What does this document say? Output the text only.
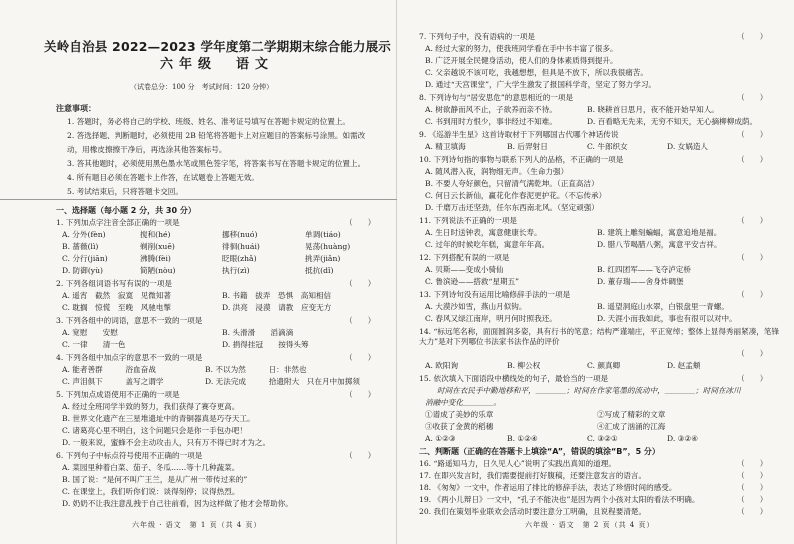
关岭自治县 2022—2023 学年度第二学期期末综合能力展示
六年级　语文
（试卷总分：100 分　考试时间：120 分钟）
注意事项：
1. 答题时，务必将自己的学校、班级、姓名、准考证号填写在答题卡规定的位置上。
2. 答选择题、判断题时，必须使用 2B 铅笔将答题卡上对应题目的答案标号涂黑。如需改
动，用橡皮擦擦干净后，再选涂其他答案标号。
3. 答其他题时，必须使用黑色墨水笔或黑色签字笔，将答案书写在答题卡规定的位置上。
4. 所有题目必须在答题卡上作答，在试题卷上答题无效。
5. 考试结束后，只将答题卡交回。
一、选择题（每小题 2 分，共 30 分）
1. 下列加点字注音全部正确的一项是	（　　）
A. 分外(fèn)	搅和(hé)	挪移(nuó)	单调(tiáo)
B. 蔷薇(lì)	剃削(xuē)	徘徊(huái)	晃荡(huàng)
C. 分行(jiān)	沸腾(fèi)	眨眼(zhǎ)	挑弄(jiǎn)
D. 防御(yù)	简陋(nòu)	执行(zì)	抵抗(dǐ)
2. 下列各组词语书写有误的一项是	（　　）
A. 遥宵　截然　寂寞　见微知著	B. 书籍　拔弄　恐惧　高知相信
C. 耽搁　惊慌　至晚　风驰电掣	D. 洪亮　浸漠　请教　应变无方
3. 下列各组中的词语，意思不一致的一项是	（　　）
A. 宽慰　　安慰	B. 头滑滑　　滔滴滴
C. 一律　　清一色	D. 捐得挂冠　　按得头筹
4. 下列各组中加点字的意思不一致的一项是	（　　）
A. 能者善群　　　浴血奋战	B. 不以为然　　　日：非然也
C. 声泪俱下　　　盖写之谓学	D. 无法完成　　　拾遗附大　只在月中加掷须
5. 下列加点成语使用不正确的一项是	（　　）
A. 经过全班同学半致的努力，我们获得了赛夺更高。
B. 世界文化遗产在三星堆遗址中的青铜器真是巧夺天工。
C. 诸葛亮心里不明白，这个问题只会是你一手包办吧！
D. 一般来说，蜜蜂不会主动攻击人，只有万不得已时才为之。
6. 下列句子中标点符号使用不正确的一项是	（　　）
A. 菜园里种着白菜、茄子、冬瓜……等十几种蔬菜。
B. 国了说：“是何不叫广王兰，是从广州一带传过来的”
C. 在课堂上，我们听你们说：谈得刻停；议得热烈。
D. 奶奶不让我注意乱拽于自己往前看，因为这样做了他才会帮助你。
六年级 · 语文　第 1 页（共 4 页）
7. 下列句子中，没有语病的一项是	（　　）
A. 经过大家的努力，使我班同学看在手中书丰富了很多。
B. 广泛开展全民健身活动，使人们的身体素质得到提升。
C. 父亲越说不该可吃，我越想想，但具是不放下，所以我很痛苦。
D. 通过“天宫课堂”，广大学生激发了报国科学奇，坚定了努力学习。
8. 下列诗句与“居安思危”的意思相近的一项是	（　　）
A. 树欲静而风不止，子欲养而亲不待。	B. 晓耕首日思月，夜不能开始早知人。
C. 书到用时方恨少，事非经过不知难。	D. 百看略无先来，无穷不知天，无心摘柳柳成荫。
9. 《巡游半生星》这首诗取材于下列哪国古代哪个神话传说	（　　）
A. 精卫填海	B. 后羿射日	C. 牛郎织女	D. 女娲造人
10. 下列诗句指的事物与联系下列人的品格，不正确的一项是	（　　）
A. 随风潜入夜，润物细无声。（生命力强）
B. 不要人夸好颜色，只留清气满乾坤。（正直高洁）
C. 何日云长新仙，赢花化作春泥更护花。（不忘传承）
D. 千磨万击还坚劲，任尔东西南北风。（坚定顽强）
11. 下列说法不正确的一项是	（　　）
A. 生日时送钟表，寓意健康长寿。	B. 建筑上雕刻蝙蝠，寓意追地是福。
C. 过年的时候吃年糕，寓意年年高。	D. 腊八节喝腊八粥，寓意平安吉祥。
12. 下列搭配有误的一项是	（　　）
A. 贝斯——变成小骑仙	B. 红四团军——飞夺泸定桥
C. 鲁滨逊——搭救“星期五”	D. 董存瑞——舍身炸碉堡
13. 下列诗句没有运用比喻修辞手法的一项是	（　　）
A. 大漠沙如雪，燕山月似钩。	B. 遥望洞庭山水翠，白银盘里一青螺。
C. 春风又绿江南岸，明月何时照我还。	D. 天涯小而我如此，事也有很可以对中。
14. “标远笔名称，面面圆润多姿，具有行书的笔意；结构严谨端庄，平正宽绰；整体上显得秀丽紧凑，笔锋大力”是对下列哪位书法家书法作品的评价
（　　）
A. 欧阳询	B. 柳公权	C. 颜真卿	D. 赵孟頫
15. 依次填入下面语段中横线处的句子，最恰当的一项是	（　　）
时间在衣民手中勤地移和平，＿＿＿＿；时间在作家笔墨的流动中，＿＿＿＿；时间在冰川
消融中变化＿＿＿＿。
①谱成了美妙的乐章	②写成了精彩的文章
③收获了金黄的稻穗	④汇成了汹涌的江海
A. ①②③	B. ①②④	C. ③②①	D. ③②④
二、判断题（正确的在答题卡上填涂“A”，错误的填涂“B”，5 分）
16. “路遥知马力，日久见人心”说明了实践出真知的道理。	（　　）
17. 在即兴发言时，我们需要提前打好腹稿，还要注意发言的语言。	（　　）
18. 《匆匆》一文中，作者运用了排比的修辞手法，表达了珍惜时间的感受。	（　　）
19. 《两小儿辩日》一文中，“孔子不能决也”是因为两个小孩对太阳的看法不明确。	（　　）
20. 我们在策划毕业联欢会活动时要注意分工明确，且说程要清楚。	（　　）
六年级 · 语文　第 2 页（共 4 页）
